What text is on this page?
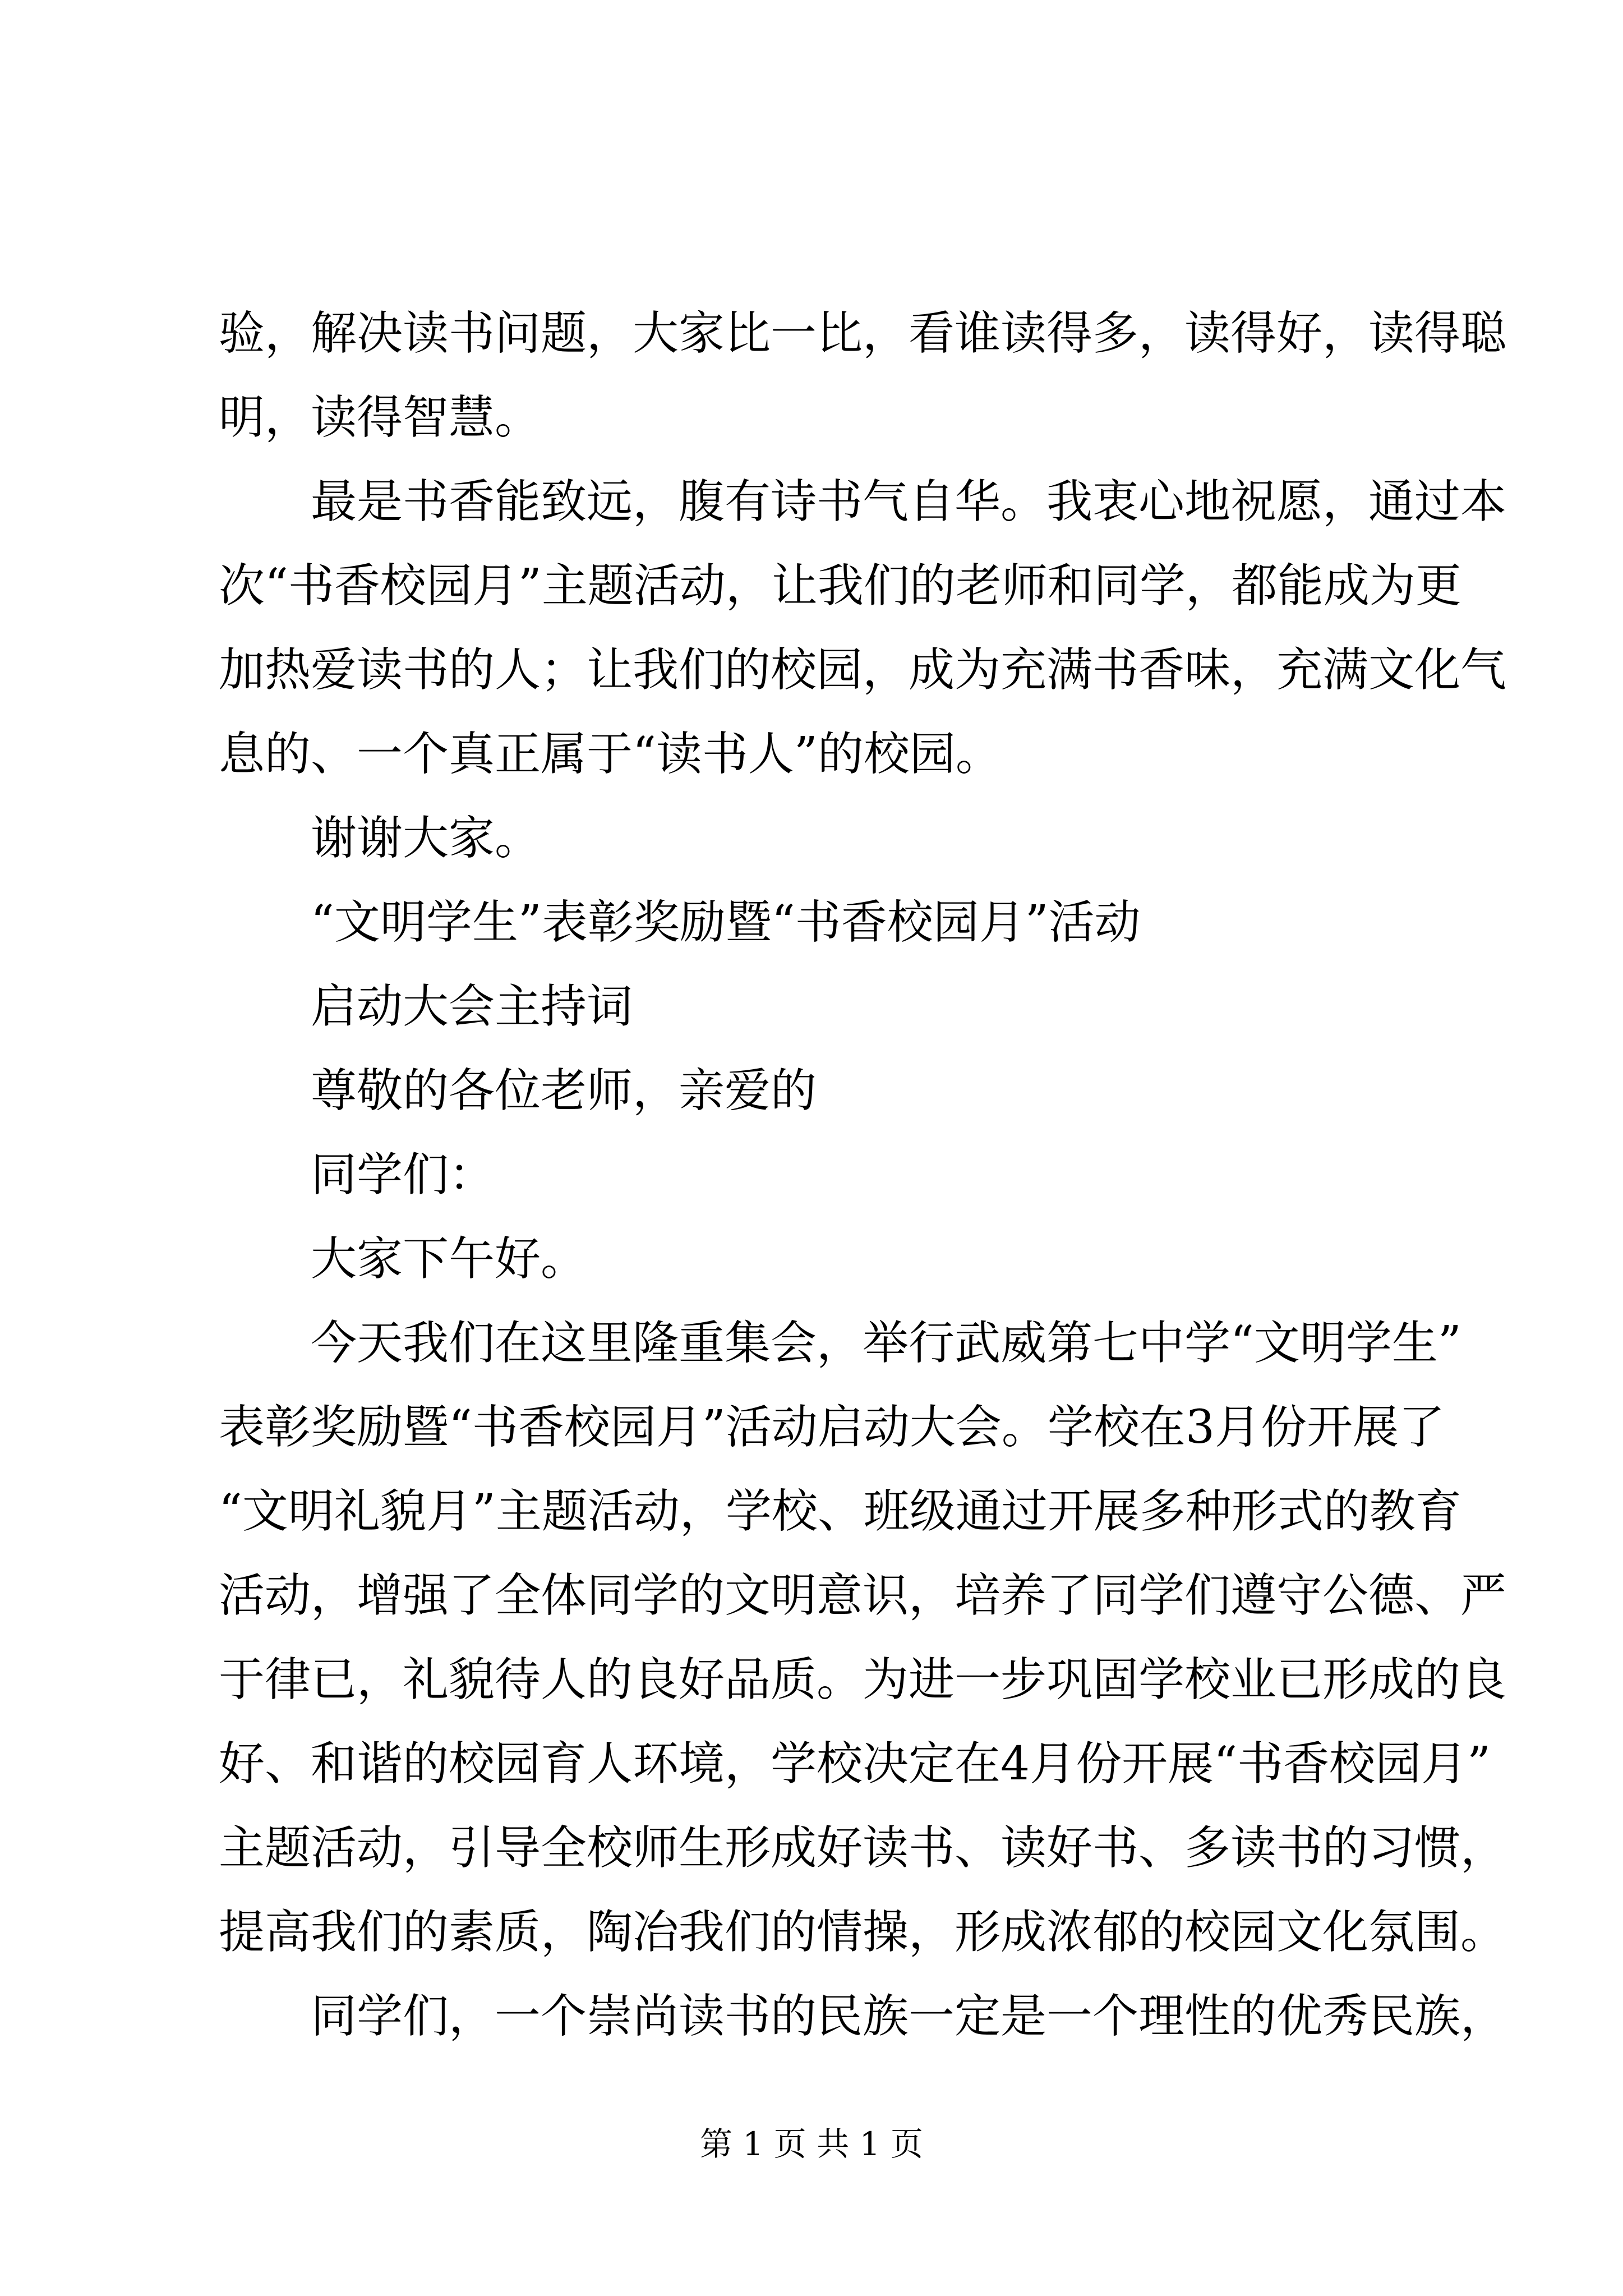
验，解决读书问题，大家比一比，看谁读得多，读得好，读得聪
明，读得智慧。
最是书香能致远，腹有诗书气自华。我衷心地祝愿，通过本
次“书香校园月”主题活动，让我们的老师和同学，都能成为更
加热爱读书的人；让我们的校园，成为充满书香味，充满文化气
息的、一个真正属于“读书人”的校园。
谢谢大家。
“文明学生”表彰奖励暨“书香校园月”活动
启动大会主持词
尊敬的各位老师，亲爱的
同学们：
大家下午好。
今天我们在这里隆重集会，举行武威第七中学“文明学生”
表彰奖励暨“书香校园月”活动启动大会。学校在3月份开展了
“文明礼貌月”主题活动，学校、班级通过开展多种形式的教育
活动，增强了全体同学的文明意识，培养了同学们遵守公德、严
于律已，礼貌待人的良好品质。为进一步巩固学校业已形成的良
好、和谐的校园育人环境，学校决定在4月份开展“书香校园月”
主题活动，引导全校师生形成好读书、读好书、多读书的习惯，
提高我们的素质，陶冶我们的情操，形成浓郁的校园文化氛围。
同学们，一个崇尚读书的民族一定是一个理性的优秀民族，
第 1 页 共 1 页
